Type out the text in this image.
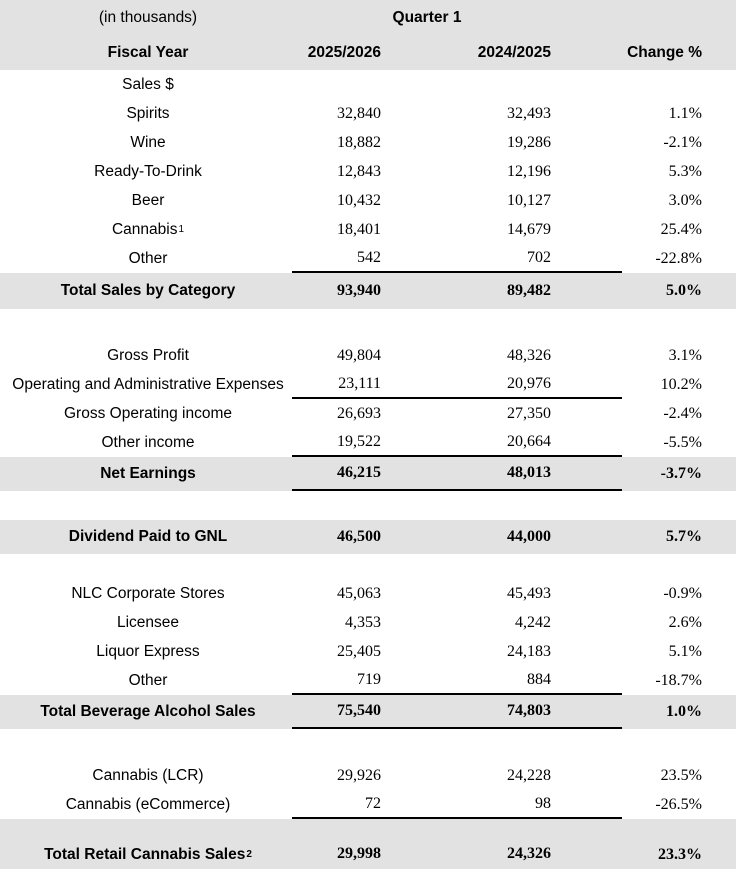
(in thousands)	Quarter 1
Fiscal Year	2025/2026	2024/2025	Change %
Sales $
Spirits	32,840	32,493	1.1%
Wine	18,882	19,286	-2.1%
Ready-To-Drink	12,843	12,196	5.3%
Beer	10,432	10,127	3.0%
Cannabis 1	18,401	14,679	25.4%
Other	542	702	-22.8%
Total Sales by Category	93,940	89,482	5.0%
Gross Profit	49,804	48,326	3.1%
Operating and Administrative Expenses	23,111	20,976	10.2%
Gross Operating income	26,693	27,350	-2.4%
Other income	19,522	20,664	-5.5%
Net Earnings	46,215	48,013	-3.7%
Dividend Paid to GNL	46,500	44,000	5.7%
NLC Corporate Stores	45,063	45,493	-0.9%
Licensee	4,353	4,242	2.6%
Liquor Express	25,405	24,183	5.1%
Other	719	884	-18.7%
Total Beverage Alcohol Sales	75,540	74,803	1.0%
Cannabis (LCR)	29,926	24,228	23.5%
Cannabis (eCommerce)	72	98	-26.5%
Total Retail Cannabis Sales 2	29,998	24,326	23.3%
